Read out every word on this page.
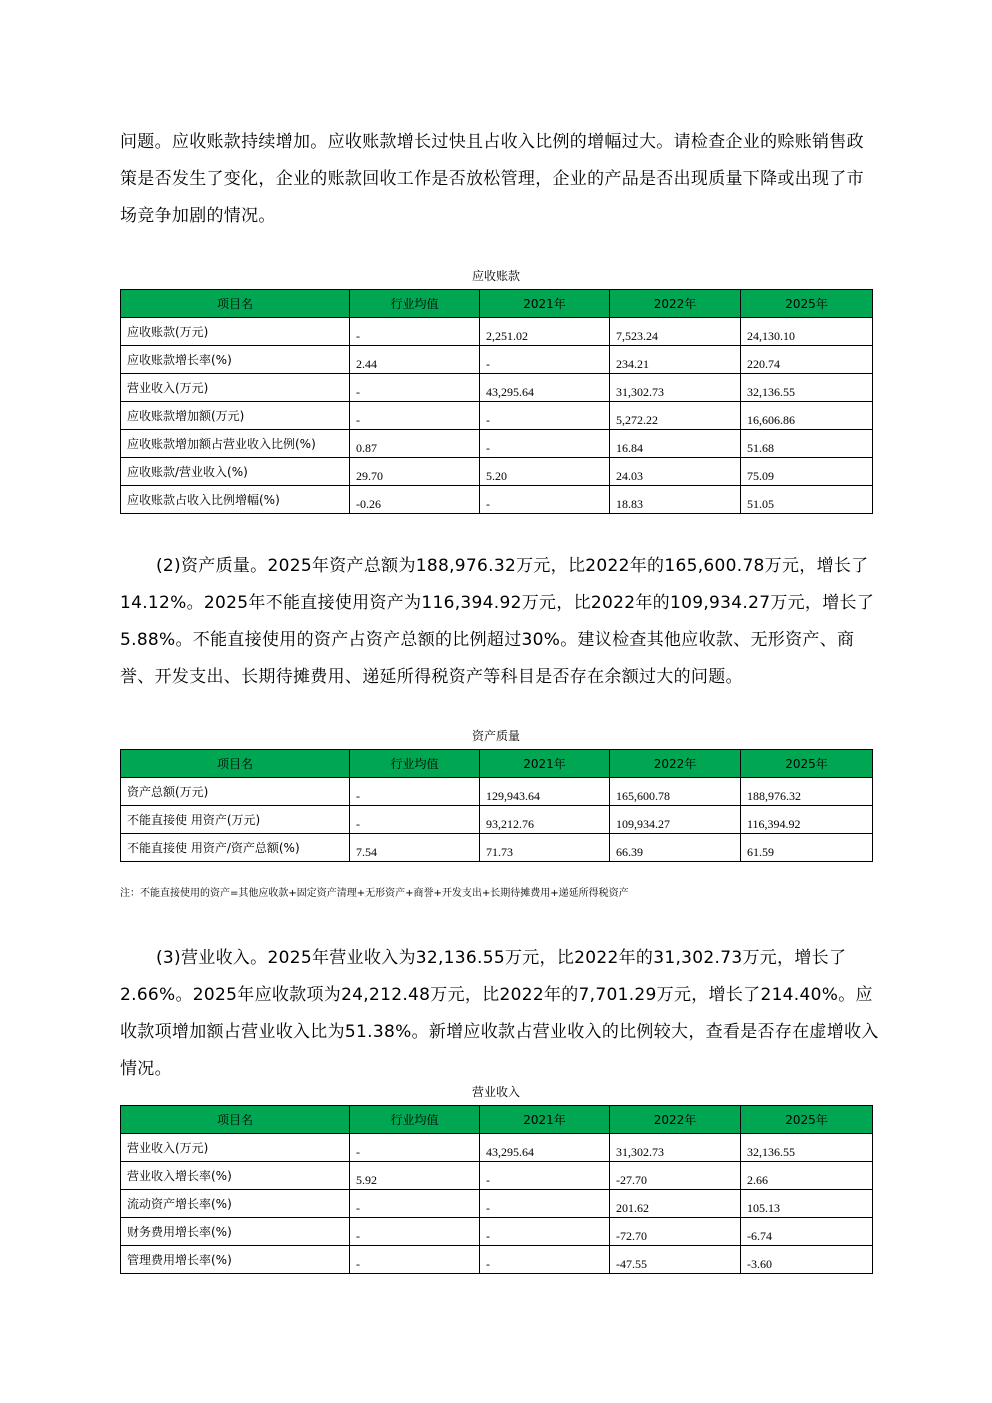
问题。应收账款持续增加。应收账款增长过快且占收入比例的增幅过大。请检查企业的赊账销售政策是否发生了变化，企业的账款回收工作是否放松管理，企业的产品是否出现质量下降或出现了市场竞争加剧的情况。

应收账款
项目名	行业均值	2021年	2022年	2025年
应收账款(万元)	-	2,251.02	7,523.24	24,130.10
应收账款增长率(%)	2.44	-	234.21	220.74
营业收入(万元)	-	43,295.64	31,302.73	32,136.55
应收账款增加额(万元)	-	-	5,272.22	16,606.86
应收账款增加额占营业收入比例(%)	0.87	-	16.84	51.68
应收账款/营业收入(%)	29.70	5.20	24.03	75.09
应收账款占收入比例增幅(%)	-0.26	-	18.83	51.05

(2)资产质量。2025年资产总额为188,976.32万元，比2022年的165,600.78万元，增长了14.12%。2025年不能直接使用资产为116,394.92万元，比2022年的109,934.27万元，增长了5.88%。不能直接使用的资产占资产总额的比例超过30%。建议检查其他应收款、无形资产、商誉、开发支出、长期待摊费用、递延所得税资产等科目是否存在余额过大的问题。

资产质量
项目名	行业均值	2021年	2022年	2025年
资产总额(万元)	-	129,943.64	165,600.78	188,976.32
不能直接使 用资产(万元)	-	93,212.76	109,934.27	116,394.92
不能直接使 用资产/资产总额(%)	7.54	71.73	66.39	61.59
注：不能直接使用的资产=其他应收款+固定资产清理+无形资产+商誉+开发支出+长期待摊费用+递延所得税资产

(3)营业收入。2025年营业收入为32,136.55万元，比2022年的31,302.73万元，增长了2.66%。2025年应收款项为24,212.48万元，比2022年的7,701.29万元，增长了214.40%。应收款项增加额占营业收入比为51.38%。新增应收款占营业收入的比例较大，查看是否存在虚增收入情况。

营业收入
项目名	行业均值	2021年	2022年	2025年
营业收入(万元)	-	43,295.64	31,302.73	32,136.55
营业收入增长率(%)	5.92	-	-27.70	2.66
流动资产增长率(%)	-	-	201.62	105.13
财务费用增长率(%)	-	-	-72.70	-6.74
管理费用增长率(%)	-	-	-47.55	-3.60
